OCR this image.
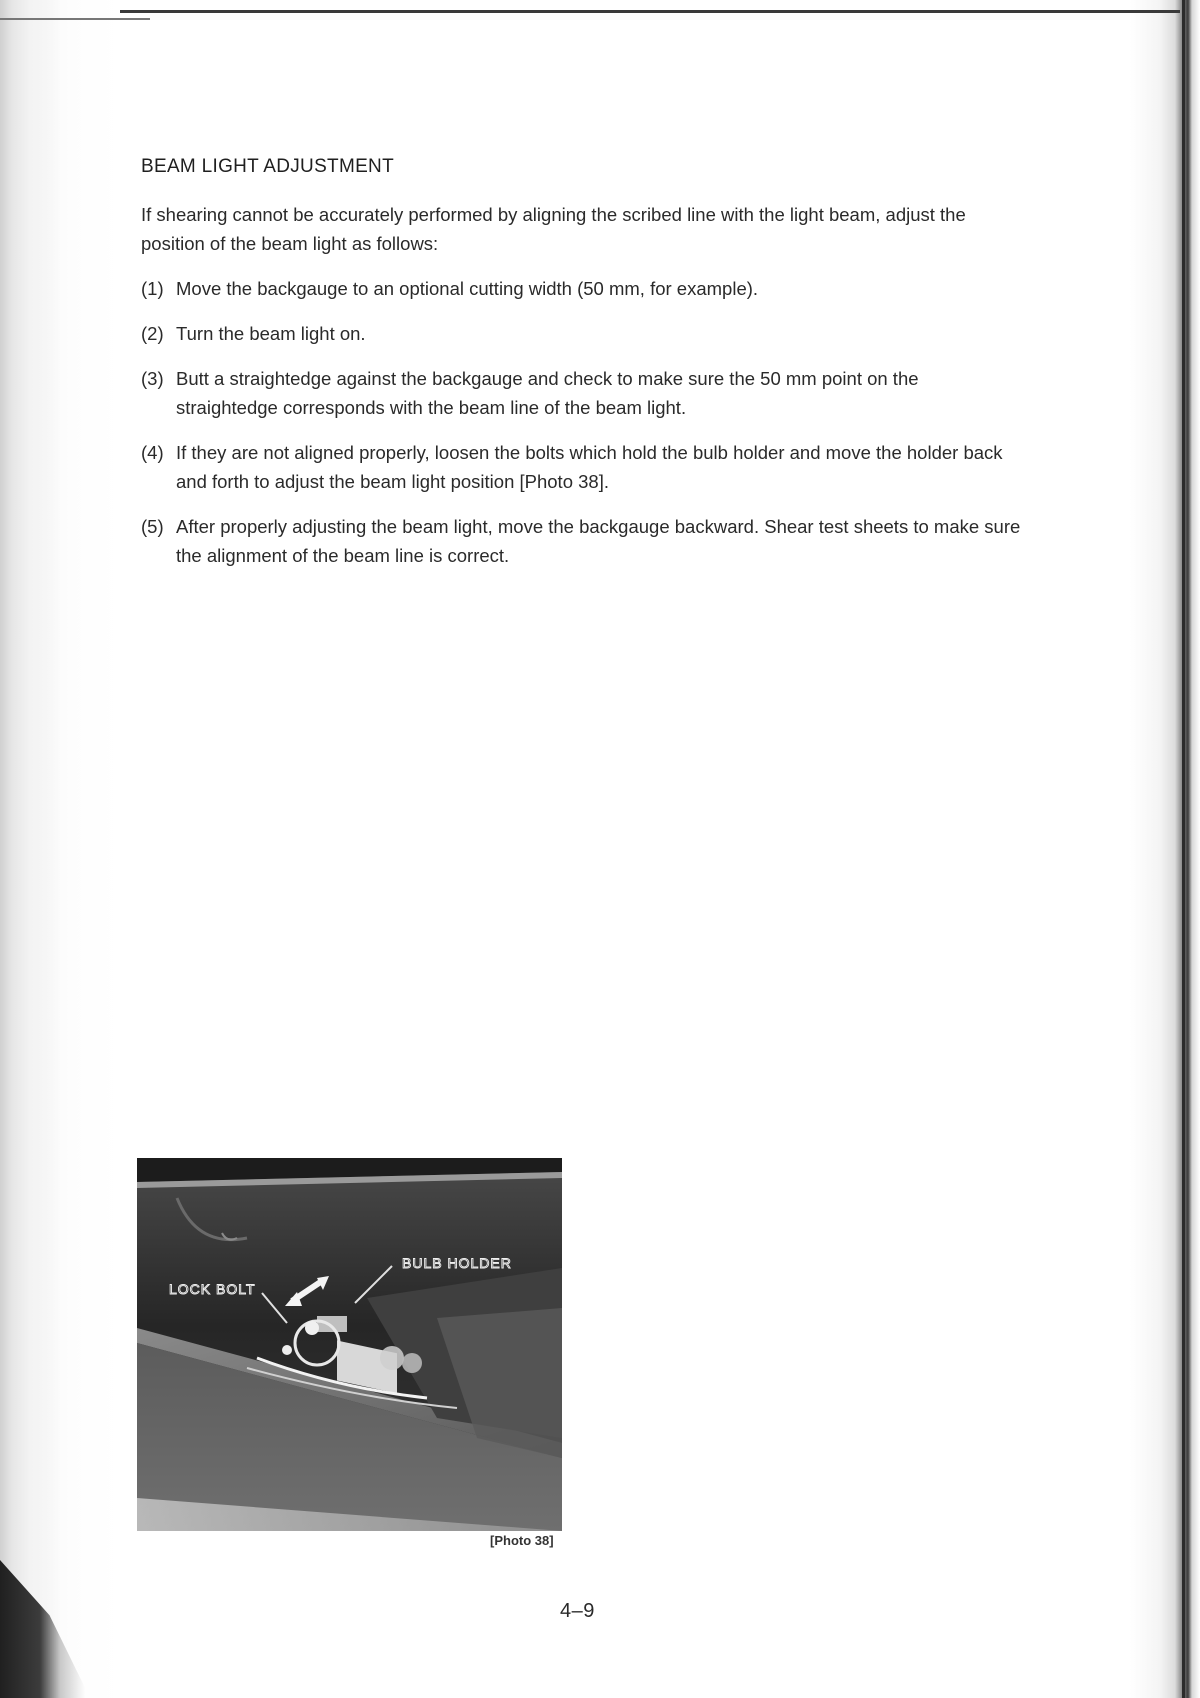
BEAM LIGHT ADJUSTMENT

If shearing cannot be accurately performed by aligning the scribed line with the light beam, adjust the position of the beam light as follows:

(1) Move the backgauge to an optional cutting width (50 mm, for example).
(2) Turn the beam light on.
(3) Butt a straightedge against the backgauge and check to make sure the 50 mm point on the straightedge corresponds with the beam line of the beam light.
(4) If they are not aligned properly, loosen the bolts which hold the bulb holder and move the holder back and forth to adjust the beam light position [Photo 38].
(5) After properly adjusting the beam light, move the backgauge backward. Shear test sheets to make sure the alignment of the beam line is correct.
BULB HOLDER
LOCK BOLT
[Photo 38]
4–9
